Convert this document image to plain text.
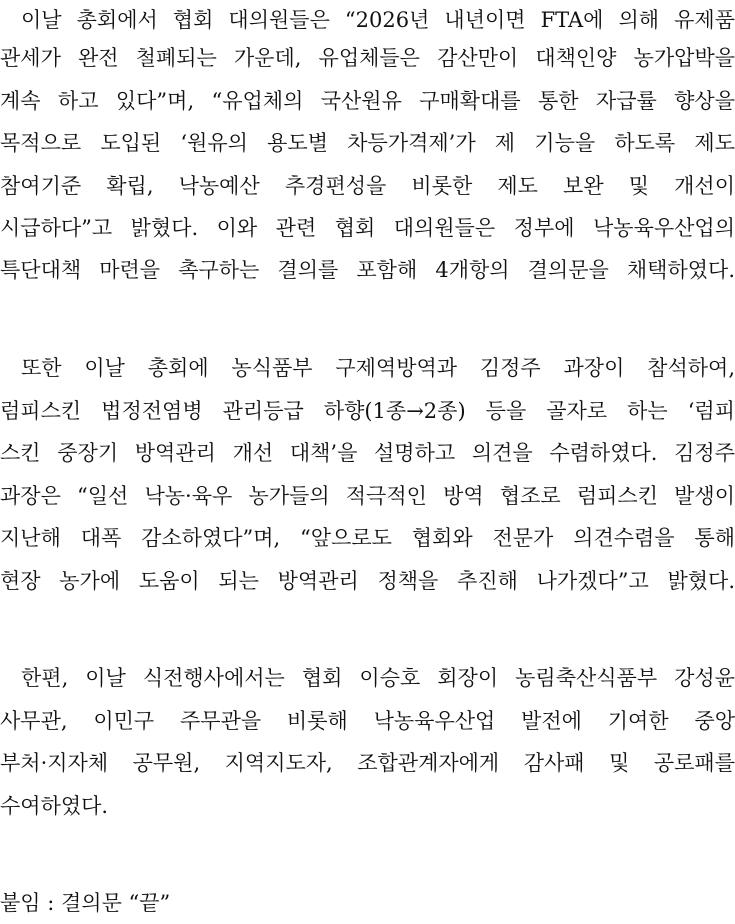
이날 총회에서 협회 대의원들은 “2026년 내년이면 FTA에 의해 유제품
관세가 완전 철폐되는 가운데, 유업체들은 감산만이 대책인양 농가압박을
계속 하고 있다”며, “유업체의 국산원유 구매확대를 통한 자급률 향상을
목적으로 도입된 ‘원유의 용도별 차등가격제’가 제 기능을 하도록 제도
참여기준 확립, 낙농예산 추경편성을 비롯한 제도 보완 및 개선이
시급하다”고 밝혔다. 이와 관련 협회 대의원들은 정부에 낙농육우산업의
특단대책 마련을 촉구하는 결의를 포함해 4개항의 결의문을 채택하였다.
또한 이날 총회에 농식품부 구제역방역과 김정주 과장이 참석하여,
럼피스킨 법정전염병 관리등급 하향(1종→2종) 등을 골자로 하는 ‘럼피
스킨 중장기 방역관리 개선 대책’을 설명하고 의견을 수렴하였다. 김정주
과장은 “일선 낙농·육우 농가들의 적극적인 방역 협조로 럼피스킨 발생이
지난해 대폭 감소하였다”며, “앞으로도 협회와 전문가 의견수렴을 통해
현장 농가에 도움이 되는 방역관리 정책을 추진해 나가겠다”고 밝혔다.
한편, 이날 식전행사에서는 협회 이승호 회장이 농림축산식품부 강성윤
사무관, 이민구 주무관을 비롯해 낙농육우산업 발전에 기여한 중앙
부처·지자체 공무원, 지역지도자, 조합관계자에게 감사패 및 공로패를
수여하였다.
붙임 : 결의문 “끝”
